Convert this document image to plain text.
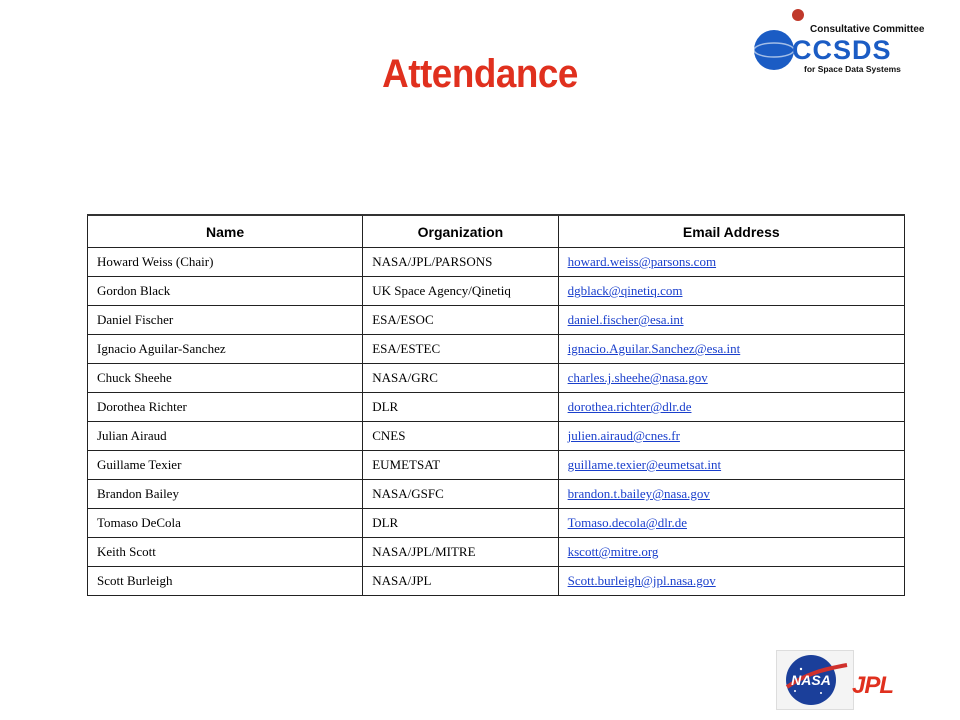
Attendance
Consultative Committee
CCSDS
for Space Data Systems
Name	Organization	Email Address
Howard Weiss (Chair)	NASA/JPL/PARSONS	howard.weiss@parsons.com
Gordon Black	UK Space Agency/Qinetiq	dgblack@qinetiq.com
Daniel Fischer	ESA/ESOC	daniel.fischer@esa.int
Ignacio Aguilar-Sanchez	ESA/ESTEC	ignacio.Aguilar.Sanchez@esa.int
Chuck Sheehe	NASA/GRC	charles.j.sheehe@nasa.gov
Dorothea Richter	DLR	dorothea.richter@dlr.de
Julian Airaud	CNES	julien.airaud@cnes.fr
Guillame Texier	EUMETSAT	guillame.texier@eumetsat.int
Brandon Bailey	NASA/GSFC	brandon.t.bailey@nasa.gov
Tomaso DeCola	DLR	Tomaso.decola@dlr.de
Keith Scott	NASA/JPL/MITRE	kscott@mitre.org
Scott Burleigh	NASA/JPL	Scott.burleigh@jpl.nasa.gov
NASA JPL
